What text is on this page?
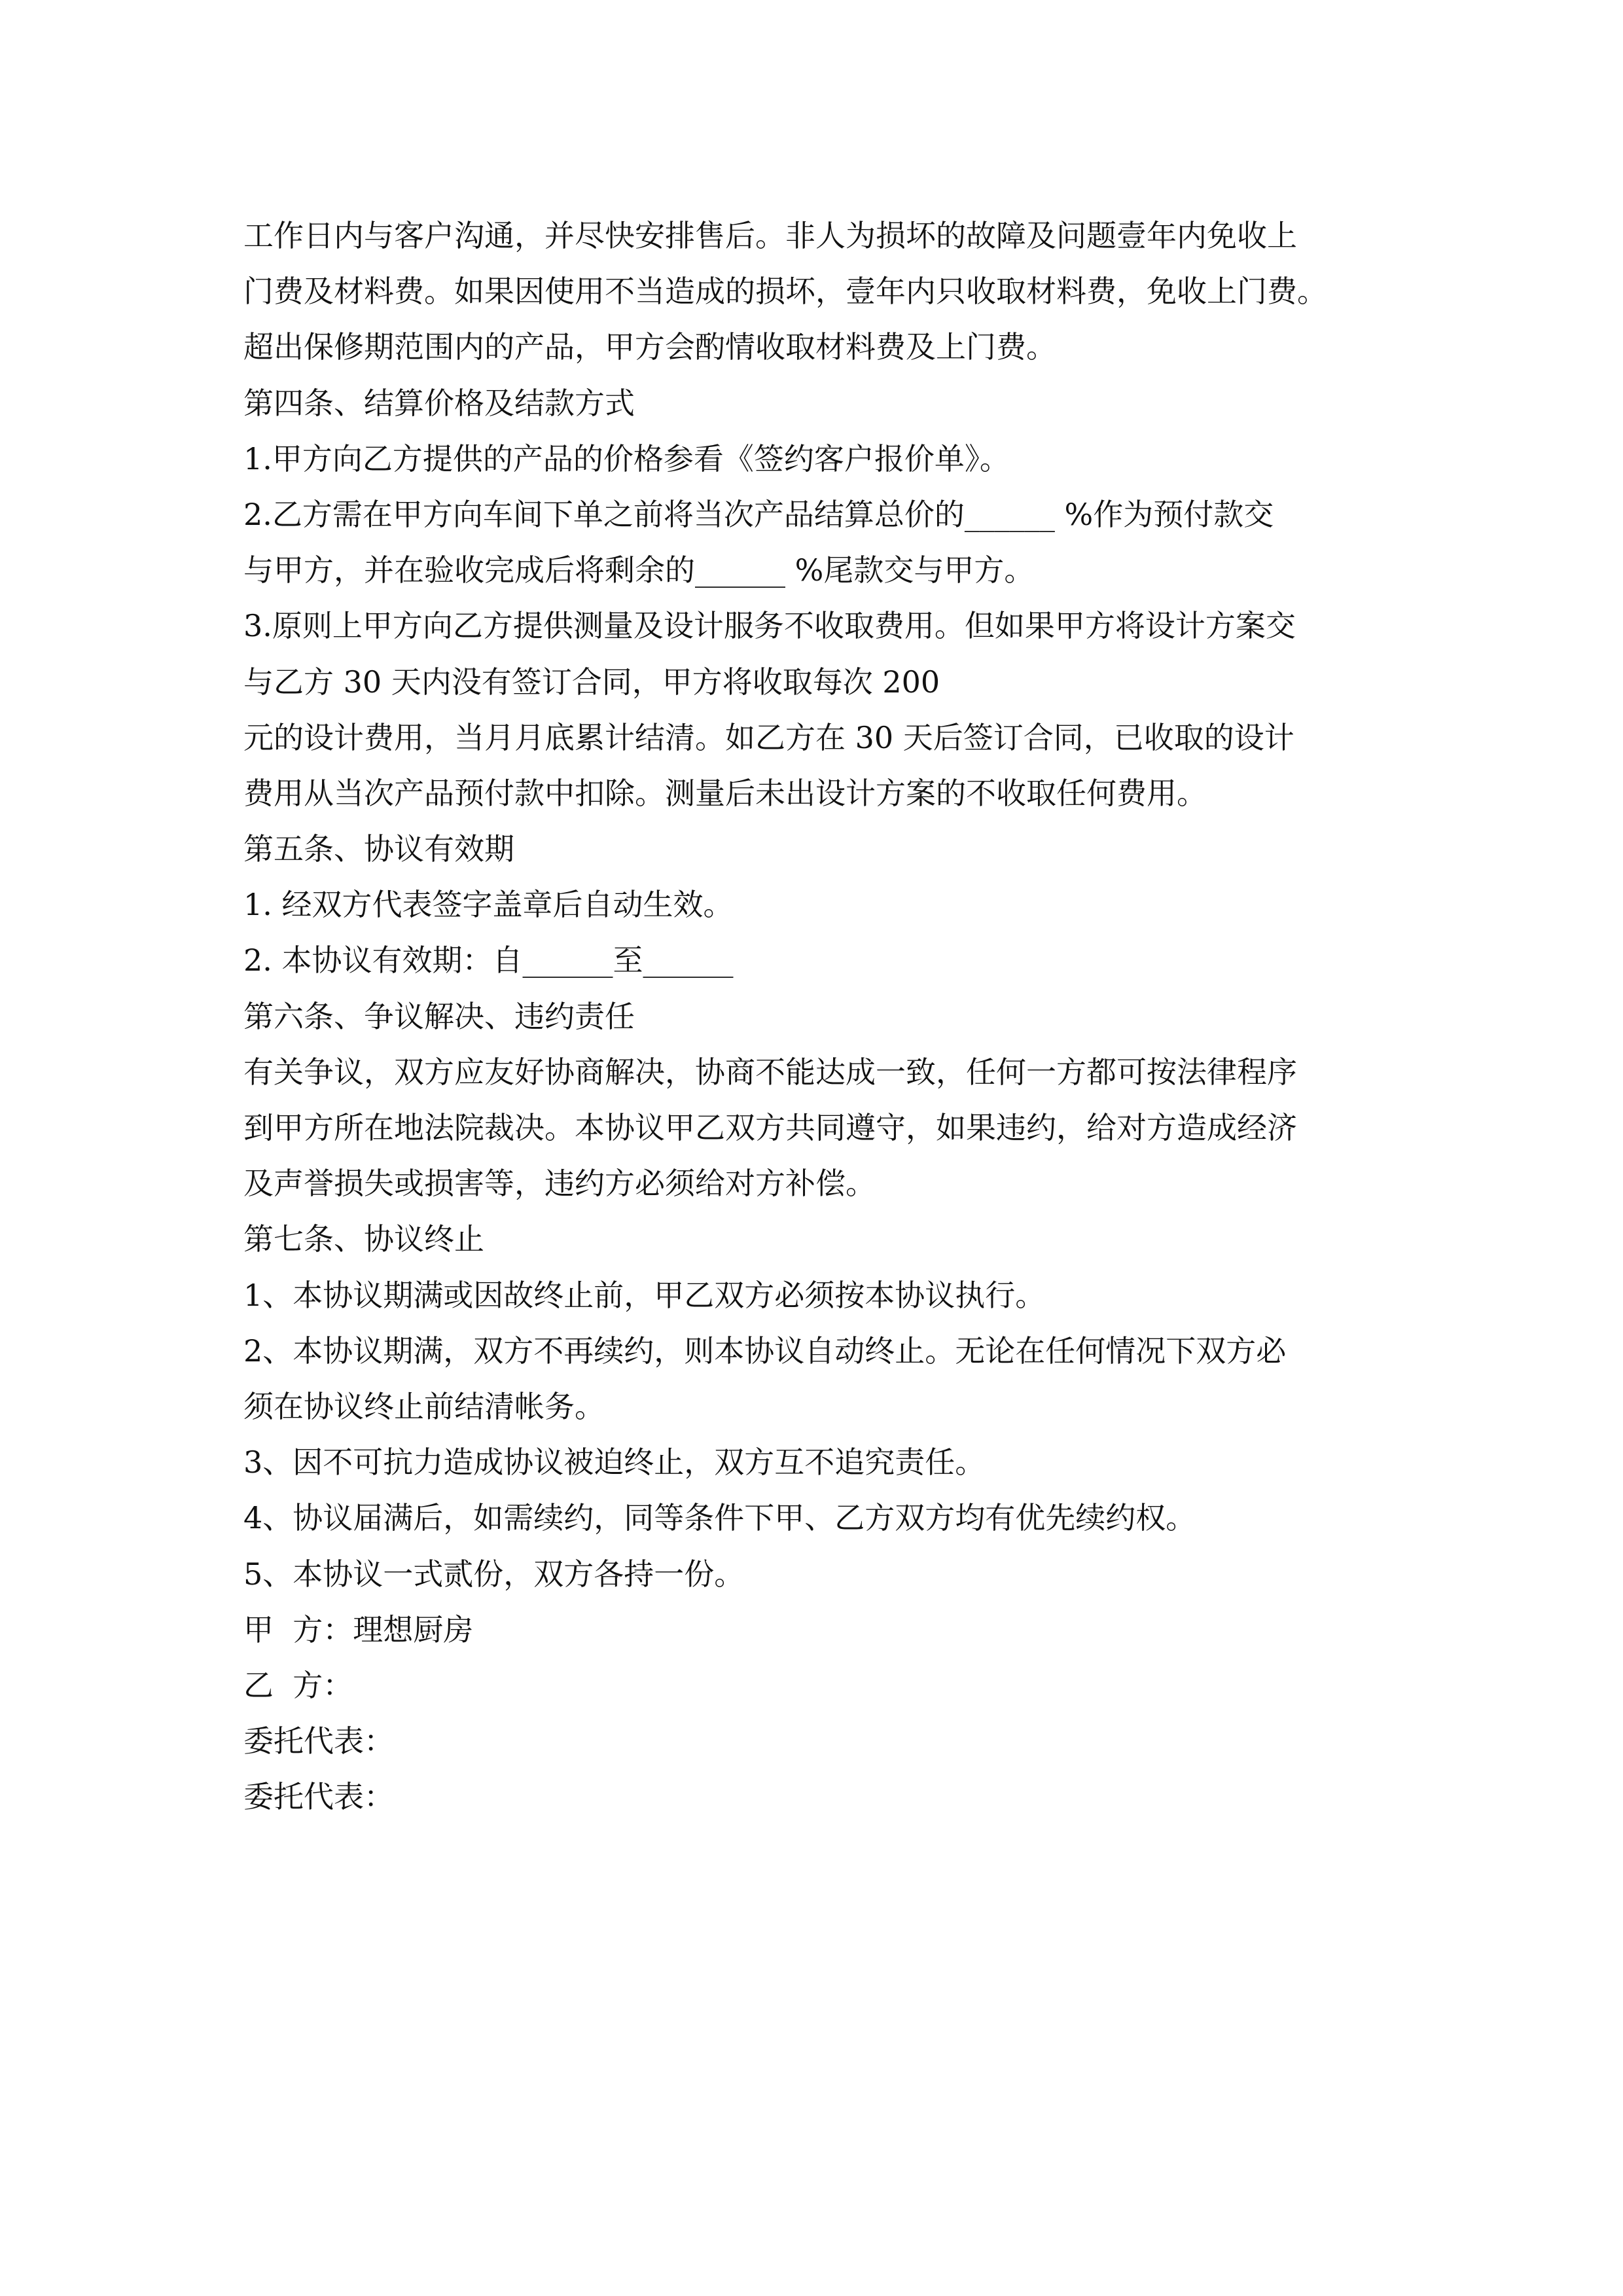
工作日内与客户沟通，并尽快安排售后。非人为损坏的故障及问题壹年内免收上
门费及材料费。如果因使用不当造成的损坏，壹年内只收取材料费，免收上门费。
超出保修期范围内的产品，甲方会酌情收取材料费及上门费。
第四条、结算价格及结款方式
1.甲方向乙方提供的产品的价格参看《签约客户报价单》。
2.乙方需在甲方向车间下单之前将当次产品结算总价的______ %作为预付款交
与甲方，并在验收完成后将剩余的______ %尾款交与甲方。
3.原则上甲方向乙方提供测量及设计服务不收取费用。但如果甲方将设计方案交
与乙方 30 天内没有签订合同，甲方将收取每次 200
元的设计费用，当月月底累计结清。如乙方在 30 天后签订合同，已收取的设计
费用从当次产品预付款中扣除。测量后未出设计方案的不收取任何费用。
第五条、协议有效期
1. 经双方代表签字盖章后自动生效。
2. 本协议有效期：自______至______
第六条、争议解决、违约责任
有关争议，双方应友好协商解决，协商不能达成一致，任何一方都可按法律程序
到甲方所在地法院裁决。本协议甲乙双方共同遵守，如果违约，给对方造成经济
及声誉损失或损害等，违约方必须给对方补偿。
第七条、协议终止
1、本协议期满或因故终止前，甲乙双方必须按本协议执行。
2、本协议期满，双方不再续约，则本协议自动终止。无论在任何情况下双方必
须在协议终止前结清帐务。
3、因不可抗力造成协议被迫终止，双方互不追究责任。
4、协议届满后，如需续约，同等条件下甲、乙方双方均有优先续约权。
5、本协议一式贰份，双方各持一份。
甲  方：理想厨房
乙  方：
委托代表：
委托代表：
